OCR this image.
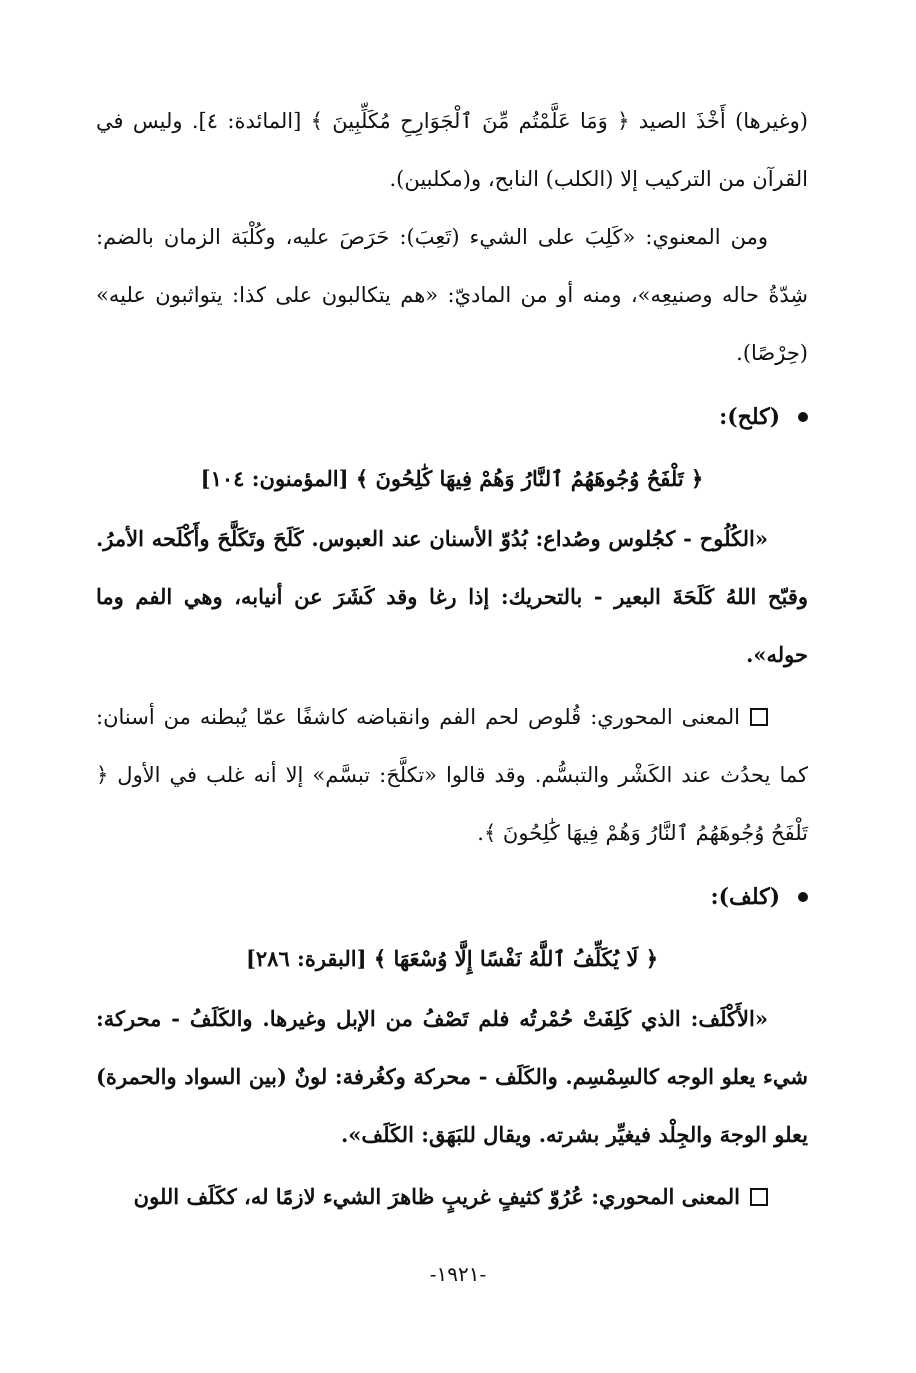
(وغيرها) أَخْذَ الصيد ﴿ وَمَا عَلَّمْتُم مِّنَ ٱلْجَوَارِحِ مُكَلِّبِينَ ﴾ [المائدة: ٤]. وليس في القرآن من التركيب إلا (الكلب) النابح، و(مكلبين).

ومن المعنوي: «كَلِبَ على الشيء (تَعِبَ): حَرَصَ عليه، وكُلْبَة الزمان بالضم: شِدّةُ حاله وصنيعِه»، ومنه أو من الماديّ: «هم يتكالبون على كذا: يتواثبون عليه» (حِرْصًا).

(كلح):
﴿ تَلْفَحُ وُجُوهَهُمُ ٱلنَّارُ وَهُمْ فِيهَا كَٰلِحُونَ ﴾ [المؤمنون: ١٠٤]

«الكُلُوح - كجُلوس وصُداع: بُدُوّ الأسنان عند العبوس. كَلَحَ وتَكَلَّحَ وأَكْلَحه الأمرُ. وقبّح اللهُ كَلَحَةَ البعير - بالتحريك: إذا رغا وقد كَشَرَ عن أنيابه، وهي الفم وما حوله».

المعنى المحوري: قُلوص لحم الفم وانقباضه كاشفًا عمّا يُبطنه من أسنان: كما يحدُث عند الكَشْر والتبسُّم. وقد قالوا «تكلَّحَ: تبسَّم» إلا أنه غلب في الأول ﴿ تَلْفَحُ وُجُوهَهُمُ ٱلنَّارُ وَهُمْ فِيهَا كَٰلِحُونَ ﴾.

(كلف):
﴿ لَا يُكَلِّفُ ٱللَّهُ نَفْسًا إِلَّا وُسْعَهَا ﴾ [البقرة: ٢٨٦]

«الأَكْلَف: الذي كَلِفَتْ حُمْرتُه فلم تَصْفُ من الإبل وغيرها. والكَلَفُ - محركة: شيء يعلو الوجه كالسِمْسِم. والكَلَف - محركة وكغُرفة: لونٌ (بين السواد والحمرة) يعلو الوجهَ والجِلْد فيغيِّر بشرته. ويقال للبَهَق: الكَلَف».

المعنى المحوري: عُرُوّ كثيفٍ غريبٍ ظاهرَ الشيء لازمًا له، ككَلَف اللون

-١٩٢١-
